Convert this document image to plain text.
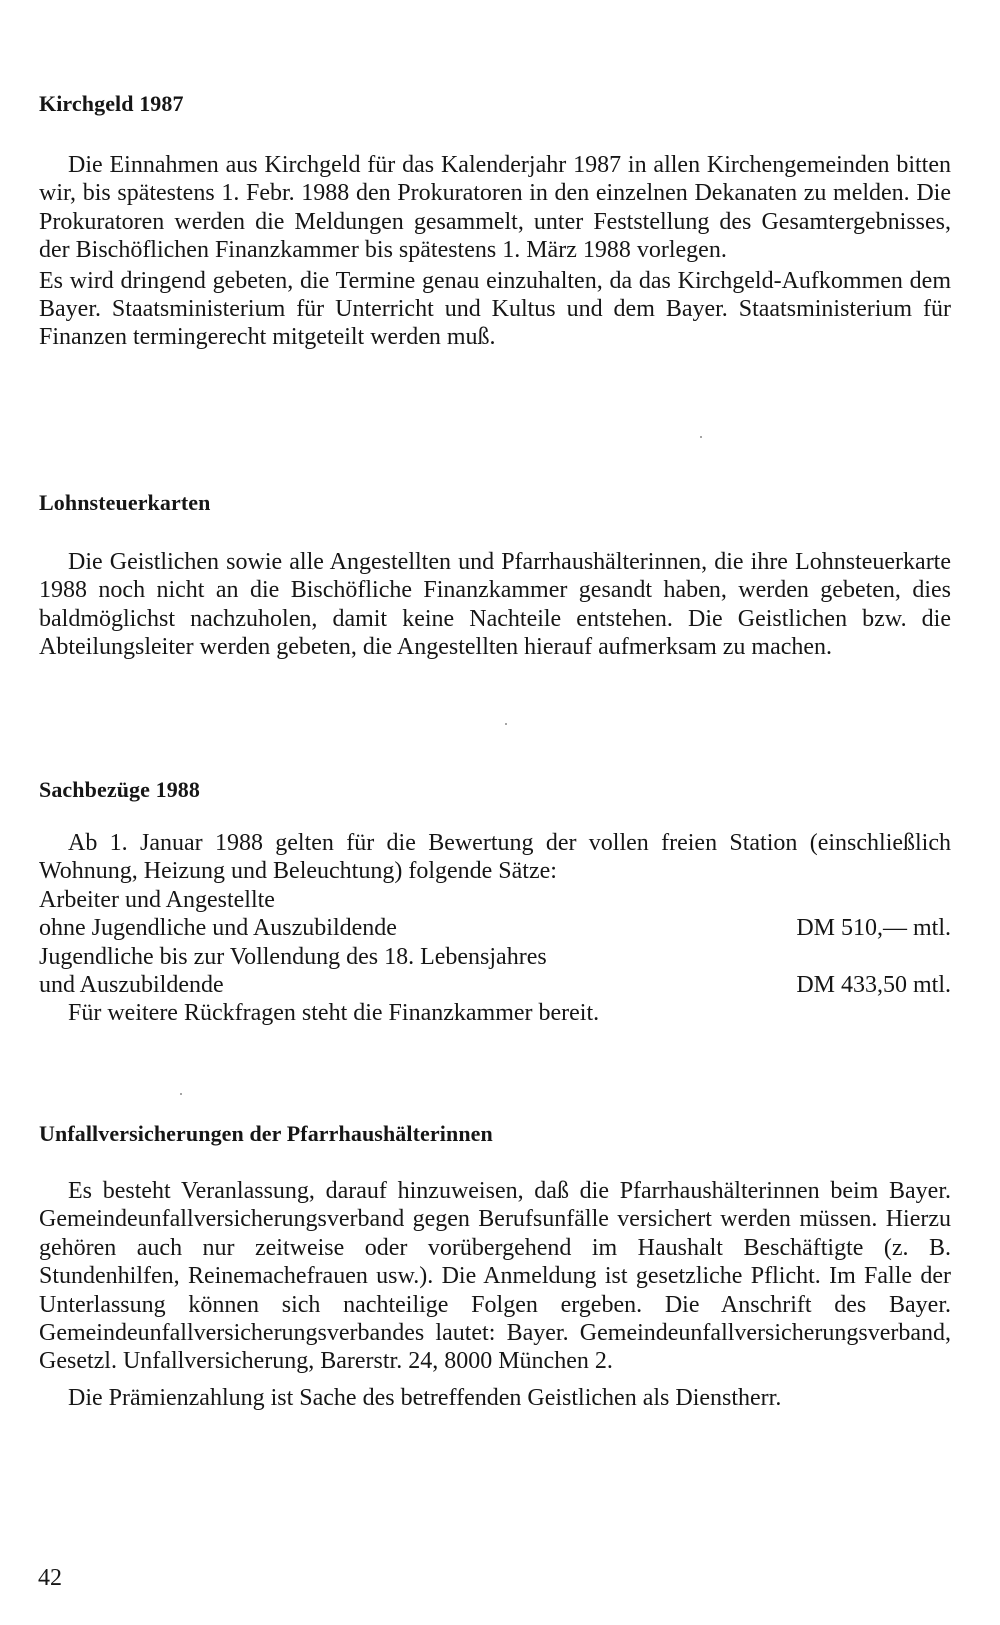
Kirchgeld 1987

Die Einnahmen aus Kirchgeld für das Kalenderjahr 1987 in allen Kirchengemeinden bitten wir, bis spätestens 1. Febr. 1988 den Prokuratoren in den einzelnen Dekanaten zu melden. Die Prokuratoren werden die Meldungen gesammelt, unter Feststellung des Gesamtergebnisses, der Bischöflichen Finanzkammer bis spätestens 1. März 1988 vorlegen.

Es wird dringend gebeten, die Termine genau einzuhalten, da das Kirchgeld-Aufkommen dem Bayer. Staatsministerium für Unterricht und Kultus und dem Bayer. Staatsministerium für Finanzen termingerecht mitgeteilt werden muß.

Lohnsteuerkarten

Die Geistlichen sowie alle Angestellten und Pfarrhaushälterinnen, die ihre Lohnsteuerkarte 1988 noch nicht an die Bischöfliche Finanzkammer gesandt haben, werden gebeten, dies baldmöglichst nachzuholen, damit keine Nachteile entstehen. Die Geistlichen bzw. die Abteilungsleiter werden gebeten, die Angestellten hierauf aufmerksam zu machen.

Sachbezüge 1988

Ab 1. Januar 1988 gelten für die Bewertung der vollen freien Station (einschließlich Wohnung, Heizung und Beleuchtung) folgende Sätze:

Arbeiter und Angestellte
ohne Jugendliche und Auszubildende	DM 510,— mtl.
Jugendliche bis zur Vollendung des 18. Lebensjahres
und Auszubildende	DM 433,50 mtl.
Für weitere Rückfragen steht die Finanzkammer bereit.
Unfallversicherungen der Pfarrhaushälterinnen

Es besteht Veranlassung, darauf hinzuweisen, daß die Pfarrhaushälterinnen beim Bayer. Gemeindeunfallversicherungsverband gegen Berufsunfälle versichert werden müssen. Hierzu gehören auch nur zeitweise oder vorübergehend im Haushalt Beschäftigte (z. B. Stundenhilfen, Reinemachefrauen usw.). Die Anmeldung ist gesetzliche Pflicht. Im Falle der Unterlassung können sich nachteilige Folgen ergeben. Die Anschrift des Bayer. Gemeindeunfallversicherungsverbandes lautet: Bayer. Gemeindeunfallversicherungsverband, Gesetzl. Unfallversicherung, Barerstr. 24, 8000 München 2.

Die Prämienzahlung ist Sache des betreffenden Geistlichen als Dienstherr.

42
